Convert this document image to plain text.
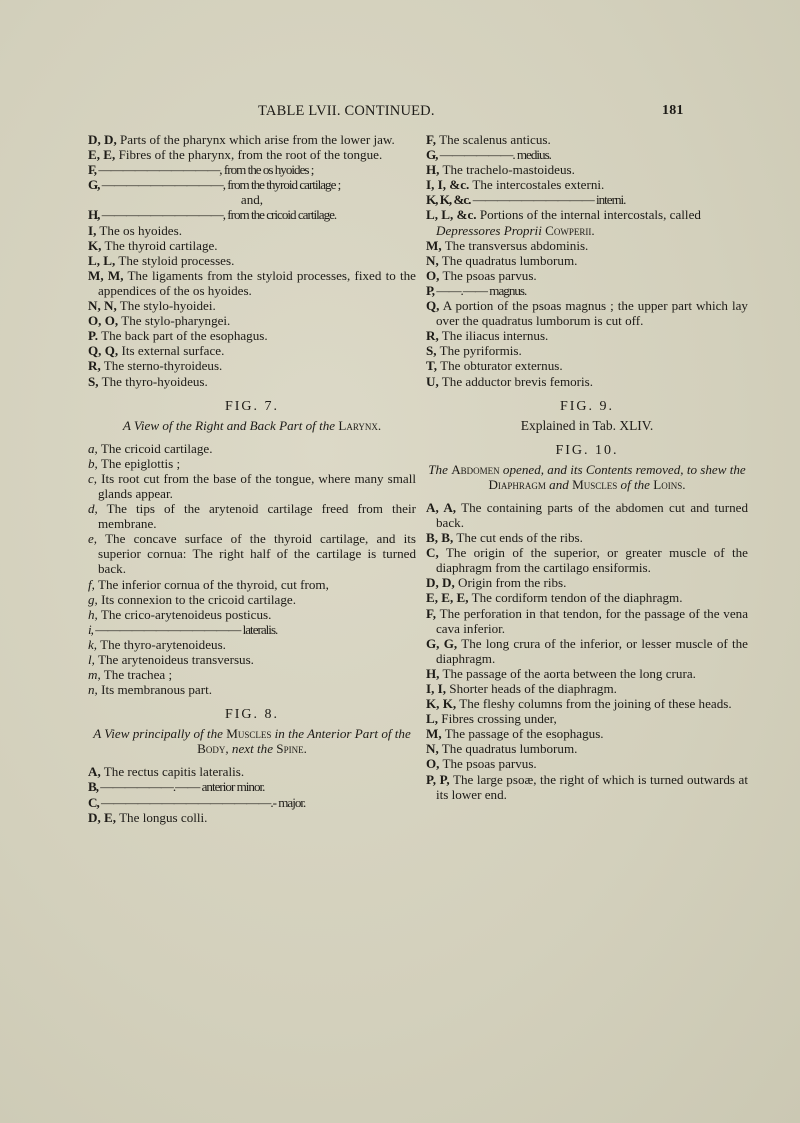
TABLE LVII. CONTINUED.	181

D, D, Parts of the pharynx which arise from the lower jaw.

E, E, Fibres of the pharynx, from the root of the tongue.

F, ——————————, from the os hyoides ;

G, ——————————, from the thyroid cartilage ;

and,

H, ——————————, from the cricoid cartilage.

I, The os hyoides.

K, The thyroid cartilage.

L, L, The styloid processes.

M, M, The ligaments from the styloid processes, fixed to the appendices of the os hyoides.

N, N, The stylo-hyoidei.

O, O, The stylo-pharyngei.

P. The back part of the esophagus.

Q, Q, Its external surface.

R, The sterno-thyroideus.

S, The thyro-hyoideus.

FIG. 7.
A View of the Right and Back Part of the Larynx.

a, The cricoid cartilage.

b, The epiglottis ;

c, Its root cut from the base of the tongue, where many small glands appear.

d, The tips of the arytenoid cartilage freed from their membrane.

e, The concave surface of the thyroid cartilage, and its superior cornua: The right half of the cartilage is turned back.

f, The inferior cornua of the thyroid, cut from,

g, Its connexion to the cricoid cartilage.

h, The crico-arytenoideus posticus.

i, ———————————— lateralis.

k, The thyro-arytenoideus.

l, The arytenoideus transversus.

m, The trachea ;

n, Its membranous part.

FIG. 8.
A View principally of the Muscles in the Anterior Part of the Body, next the Spine.

A, The rectus capitis lateralis.

B, ——————.—— anterior minor.

C, ——————————————.- major.

D, E, The longus colli.

F, The scalenus anticus.

G, ——————. medius.

H, The trachelo-mastoideus.

I, I, &c. The intercostales externi.

K, K, &c. —————————— interni.

L, L, &c. Portions of the internal intercostals, called

Depressores Proprii Cowperii.

M, The transversus abdominis.

N, The quadratus lumborum.

O, The psoas parvus.

P, ——.—— magnus.

Q, A portion of the psoas magnus ; the upper part which lay over the quadratus lumborum is cut off.

R, The iliacus internus.

S, The pyriformis.

T, The obturator externus.

U, The adductor brevis femoris.

FIG. 9.
Explained in Tab. XLIV.
FIG. 10.
The Abdomen opened, and its Contents removed, to shew the Diaphragm and Muscles of the Loins.

A, A, The containing parts of the abdomen cut and turned back.

B, B, The cut ends of the ribs.

C, The origin of the superior, or greater muscle of the diaphragm from the cartilago ensiformis.

D, D, Origin from the ribs.

E, E, E, The cordiform tendon of the diaphragm.

F, The perforation in that tendon, for the passage of the vena cava inferior.

G, G, The long crura of the inferior, or lesser muscle of the diaphragm.

H, The passage of the aorta between the long crura.

I, I, Shorter heads of the diaphragm.

K, K, The fleshy columns from the joining of these heads.

L, Fibres crossing under,

M, The passage of the esophagus.

N, The quadratus lumborum.

O, The psoas parvus.

P, P, The large psoæ, the right of which is turned outwards at its lower end.
